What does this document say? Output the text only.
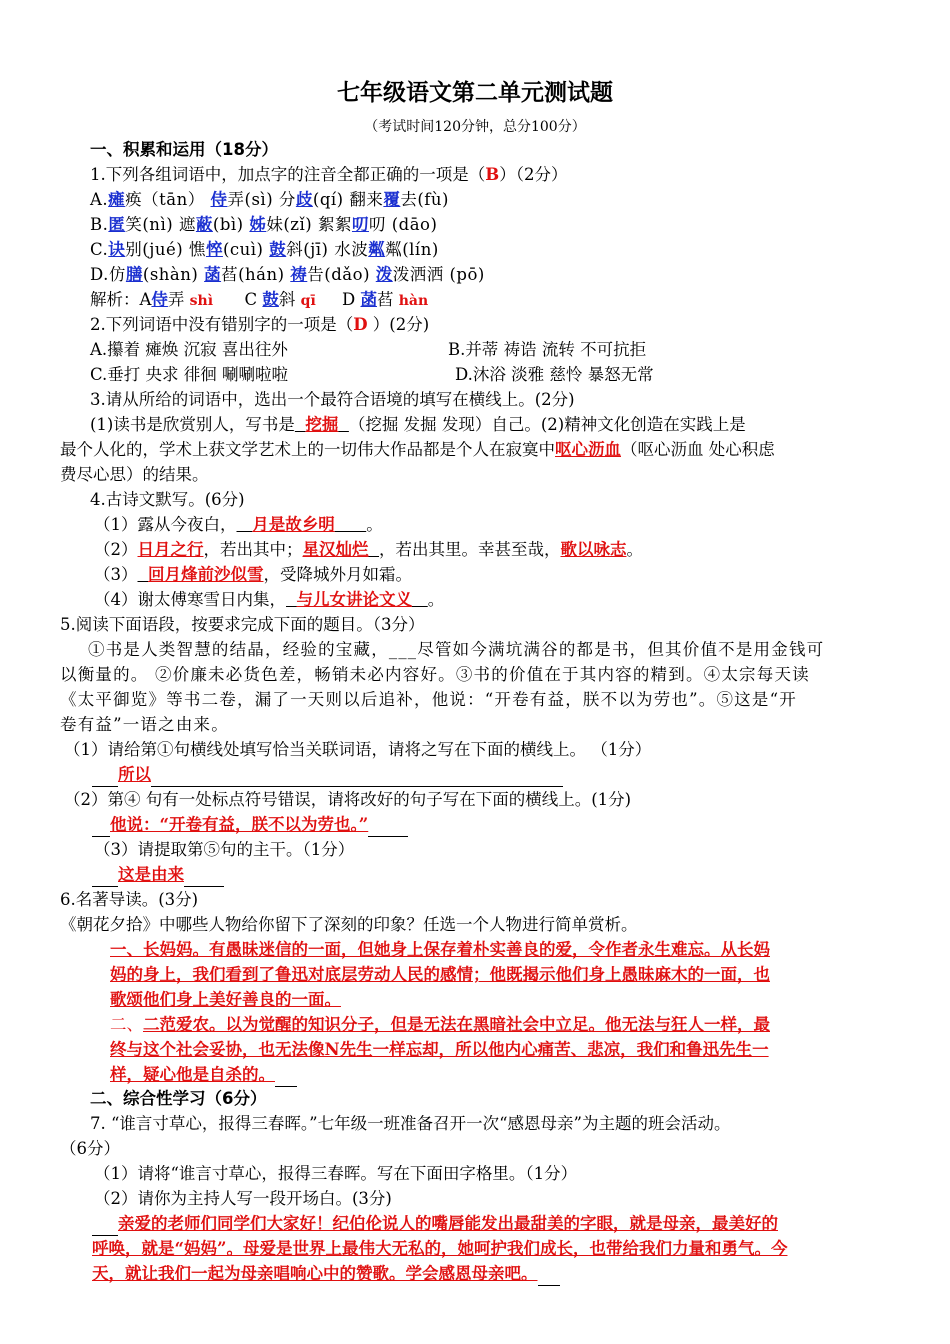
七年级语文第二单元测试题
（考试时间120分钟，总分100分）
一、积累和运用（18分）
1.下列各组词语中，加点字的注音全都正确的一项是（B）（2分）
A.瘫痪（tān） 侍弄(sì) 分歧(qí) 翻来覆去(fù)
B.匿笑(nì) 遮蔽(bì) 姊妹(zǐ) 絮絮叨叨 (dāo)
C.诀别(jué) 憔悴(cuì) 鼓斜(jī) 水波粼粼(lín)
D.仿膳(shàn) 菡萏(hán) 祷告(dǎo) 泼泼洒洒 (pō)
解析：A侍弄 shì C 鼓斜 qī D 菡萏 hàn
2.下列词语中没有错别字的一项是（D ）(2分)
A.攥着 瘫焕 沉寂 喜出往外	B.并蒂 祷诰 流转 不可抗拒
C.垂打 央求 徘徊 唰唰啦啦	D.沐浴 淡雅 慈怜 暴怒无常
3.请从所给的词语中，选出一个最符合语境的填写在横线上。(2分)
(1)读书是欣赏别人，写书是 挖掘 （挖掘 发掘 发现）自己。(2)精神文化创造在实践上是
最个人化的，学术上获文学艺术上的一切伟大作品都是个人在寂寞中呕心沥血（呕心沥血 处心积虑
费尽心思）的结果。
4.古诗文默写。(6分)
（1）露从今夜白， 月是故乡明 。
（2）日月之行，若出其中；星汉灿烂 ，若出其里。幸甚至哉，歌以咏志。
（3） 回月烽前沙似雪，受降城外月如霜。
（4）谢太傅寒雪日内集， 与儿女讲论文义 。
5.阅读下面语段，按要求完成下面的题目。（3分）
①书是人类智慧的结晶，经验的宝藏，___尽管如今满坑满谷的都是书，但其价值不是用金钱可
以衡量的。 ②价廉未必货色差，畅销未必内容好。③书的价值在于其内容的精到。④太宗每天读
《太平御览》等书二卷，漏了一天则以后追补，他说：“开卷有益，朕不以为劳也”。⑤这是“开
卷有益”一语之由来。
（1）请给第①句横线处填写恰当关联词语，请将之写在下面的横线上。 （1分）
所以
（2）第④ 句有一处标点符号错误，请将改好的句子写在下面的横线上。(1分)
他说：“开卷有益，朕不以为劳也。”
（3）请提取第⑤句的主干。（1分）
这是由来
6.名著导读。(3分)
《朝花夕拾》中哪些人物给你留下了深刻的印象？任选一个人物进行简单赏析。
一、长妈妈。有愚昧迷信的一面，但她身上保存着朴实善良的爱，令作者永生难忘。从长妈
妈的身上，我们看到了鲁迅对底层劳动人民的感情；他既揭示他们身上愚昧麻木的一面，也
歌颂他们身上美好善良的一面。
二、二范爱农。以为觉醒的知识分子，但是无法在黑暗社会中立足。他无法与狂人一样，最
终与这个社会妥协，也无法像N先生一样忘却，所以他内心痛苦、悲凉，我们和鲁迅先生一
样，疑心他是自杀的。
二、综合性学习（6分）
7. “谁言寸草心，报得三春晖。”七年级一班准备召开一次“感恩母亲”为主题的班会活动。
（6分）
（1）请将“谁言寸草心，报得三春晖。写在下面田字格里。（1分）
（2）请你为主持人写一段开场白。(3分)
亲爱的老师们同学们大家好！纪伯伦说人的嘴唇能发出最甜美的字眼，就是母亲，最美好的
呼唤，就是“妈妈”。母爱是世界上最伟大无私的，她呵护我们成长，也带给我们力量和勇气。今
天，就让我们一起为母亲唱响心中的赞歌。学会感恩母亲吧。
